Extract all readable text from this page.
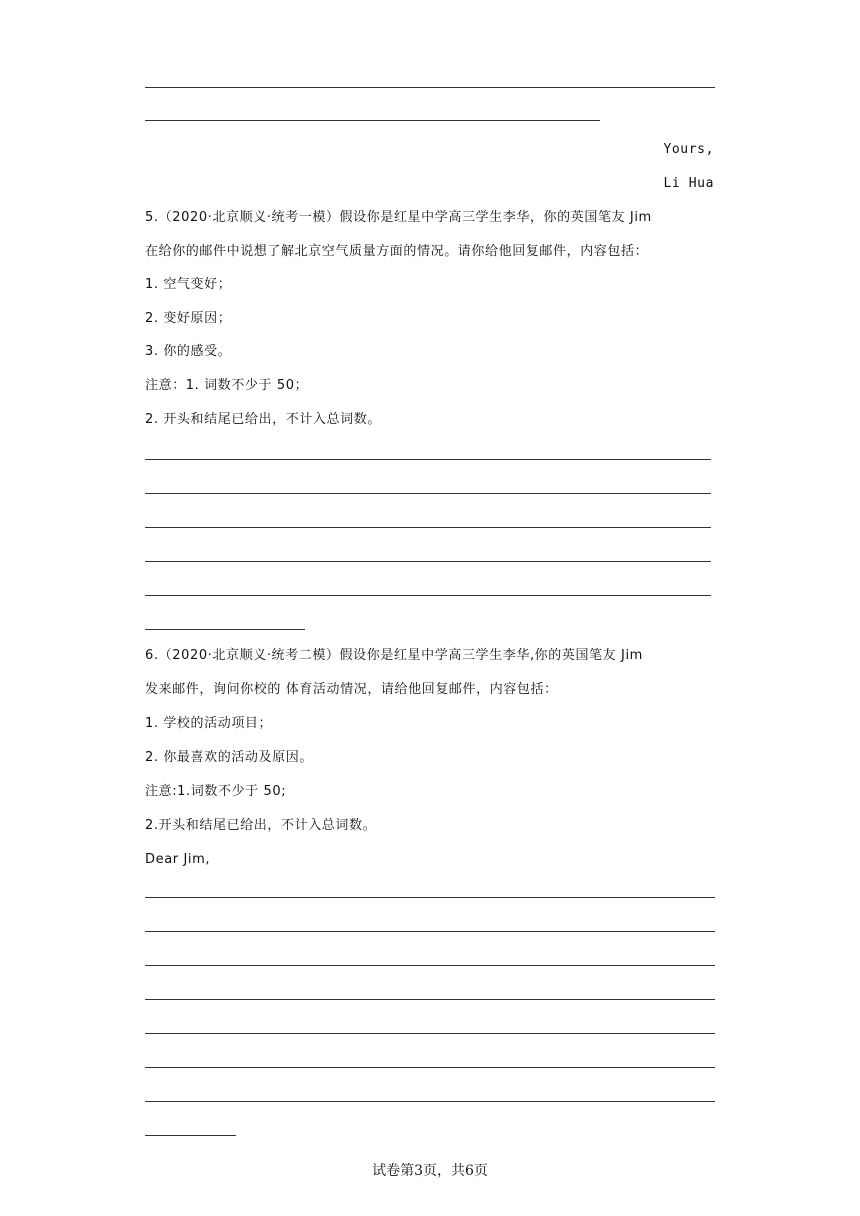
Yours,
Li Hua
5.（2020·北京顺义·统考一模）假设你是红星中学高三学生李华，你的英国笔友 Jim
在给你的邮件中说想了解北京空气质量方面的情况。请你给他回复邮件，内容包括：
1. 空气变好；
2. 变好原因；
3. 你的感受。
注意：1. 词数不少于 50；
2. 开头和结尾已给出，不计入总词数。
6.（2020·北京顺义·统考二模）假设你是红星中学高三学生李华,你的英国笔友 Jim
发来邮件，询问你校的 体育活动情况，请给他回复邮件，内容包括：
1. 学校的活动项目；
2. 你最喜欢的活动及原因。
注意:1.词数不少于 50;
2.开头和结尾已给出，不计入总词数。
Dear Jim,
试卷第3页，共6页
